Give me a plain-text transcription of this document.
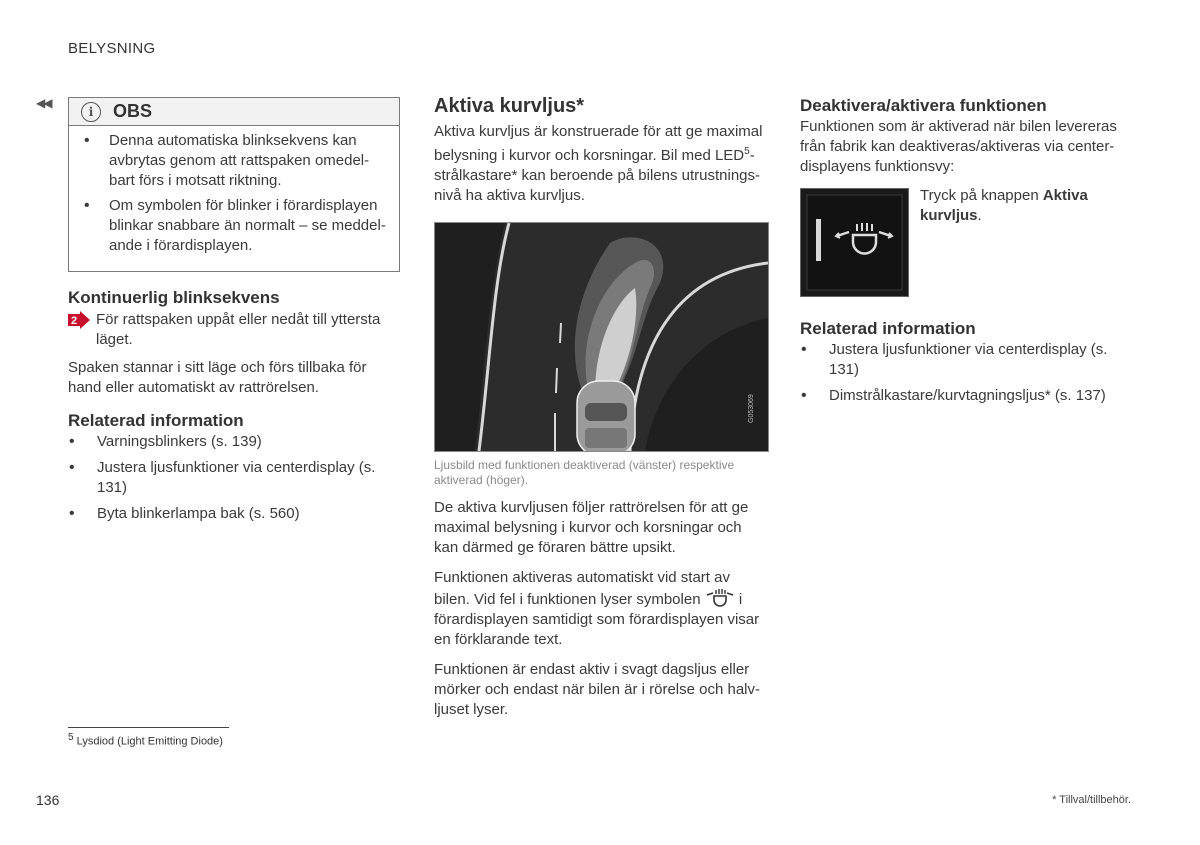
BELYSNING
◀◀
i	OBS
• Denna automatiska blinksekvens kan avbrytas genom att rattspaken omedel-bart förs i motsatt riktning.
• Om symbolen för blinker i förardisplayen blinkar snabbare än normalt – se meddel-ande i förardisplayen.
Kontinuerlig blinksekvens
2 För rattspaken uppåt eller nedåt till yttersta läget.

Spaken stannar i sitt läge och förs tillbaka för hand eller automatiskt av rattrörelsen.

Relaterad information
• Varningsblinkers (s. 139)
• Justera ljusfunktioner via centerdisplay (s. 131)
• Byta blinkerlampa bak (s. 560)
Aktiva kurvljus*

Aktiva kurvljus är konstruerade för att ge maximal belysning i kurvor och korsningar. Bil med LED$^5$-strålkastare* kan beroende på bilens utrustnings-nivå ha aktiva kurvljus.

G053069

Ljusbild med funktionen deaktiverad (vänster) respektive aktiverad (höger).

De aktiva kurvljusen följer rattrörelsen för att ge maximal belysning i kurvor och korsningar och kan därmed ge föraren bättre upsikt.

Funktionen aktiveras automatiskt vid start av bilen. Vid fel i funktionen lyser symbolen	i förardisplayen samtidigt som förardisplayen visar en förklarande text.

Funktionen är endast aktiv i svagt dagsljus eller mörker och endast när bilen är i rörelse och halv-ljuset lyser.

Deaktivera/aktivera funktionen

Funktionen som är aktiverad när bilen levereras från fabrik kan deaktiveras/aktiveras via center-displayens funktionsvy:

Tryck på knappen Aktiva kurvljus.

Relaterad information
• Justera ljusfunktioner via centerdisplay (s. 131)
• Dimstrålkastare/kurvtagningsljus* (s. 137)
$^5$ Lysdiod (Light Emitting Diode)
136	* Tillval/tillbehör.
